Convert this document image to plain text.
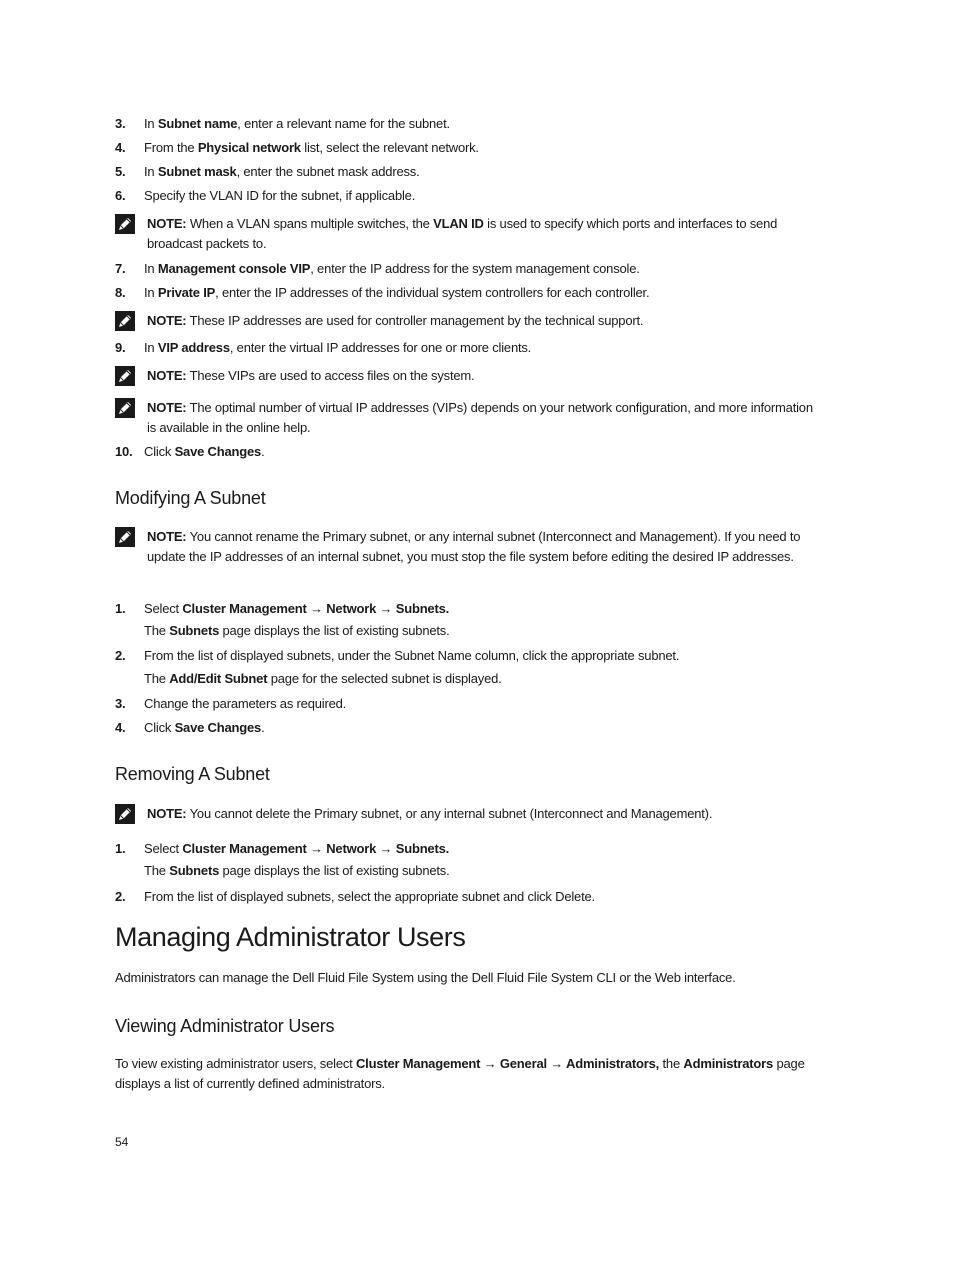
3.	In Subnet name, enter a relevant name for the subnet.
4.	From the Physical network list, select the relevant network.
5.	In Subnet mask, enter the subnet mask address.
6.	Specify the VLAN ID for the subnet, if applicable.
NOTE: When a VLAN spans multiple switches, the VLAN ID is used to specify which ports and interfaces to send broadcast packets to.
7.	In Management console VIP, enter the IP address for the system management console.
8.	In Private IP, enter the IP addresses of the individual system controllers for each controller.
NOTE: These IP addresses are used for controller management by the technical support.
9.	In VIP address, enter the virtual IP addresses for one or more clients.
NOTE: These VIPs are used to access files on the system.
NOTE: The optimal number of virtual IP addresses (VIPs) depends on your network configuration, and more information is available in the online help.
10. Click Save Changes.
Modifying A Subnet
NOTE: You cannot rename the Primary subnet, or any internal subnet (Interconnect and Management). If you need to update the IP addresses of an internal subnet, you must stop the file system before editing the desired IP addresses.
1.	Select Cluster Management → Network → Subnets.
The Subnets page displays the list of existing subnets.
2.	From the list of displayed subnets, under the Subnet Name column, click the appropriate subnet.
The Add/Edit Subnet page for the selected subnet is displayed.
3.	Change the parameters as required.
4.	Click Save Changes.
Removing A Subnet
NOTE: You cannot delete the Primary subnet, or any internal subnet (Interconnect and Management).
1.	Select Cluster Management → Network → Subnets.
The Subnets page displays the list of existing subnets.
2.	From the list of displayed subnets, select the appropriate subnet and click Delete.
Managing Administrator Users
Administrators can manage the Dell Fluid File System using the Dell Fluid File System CLI or the Web interface.
Viewing Administrator Users
To view existing administrator users, select Cluster Management → General → Administrators, the Administrators page displays a list of currently defined administrators.
54
